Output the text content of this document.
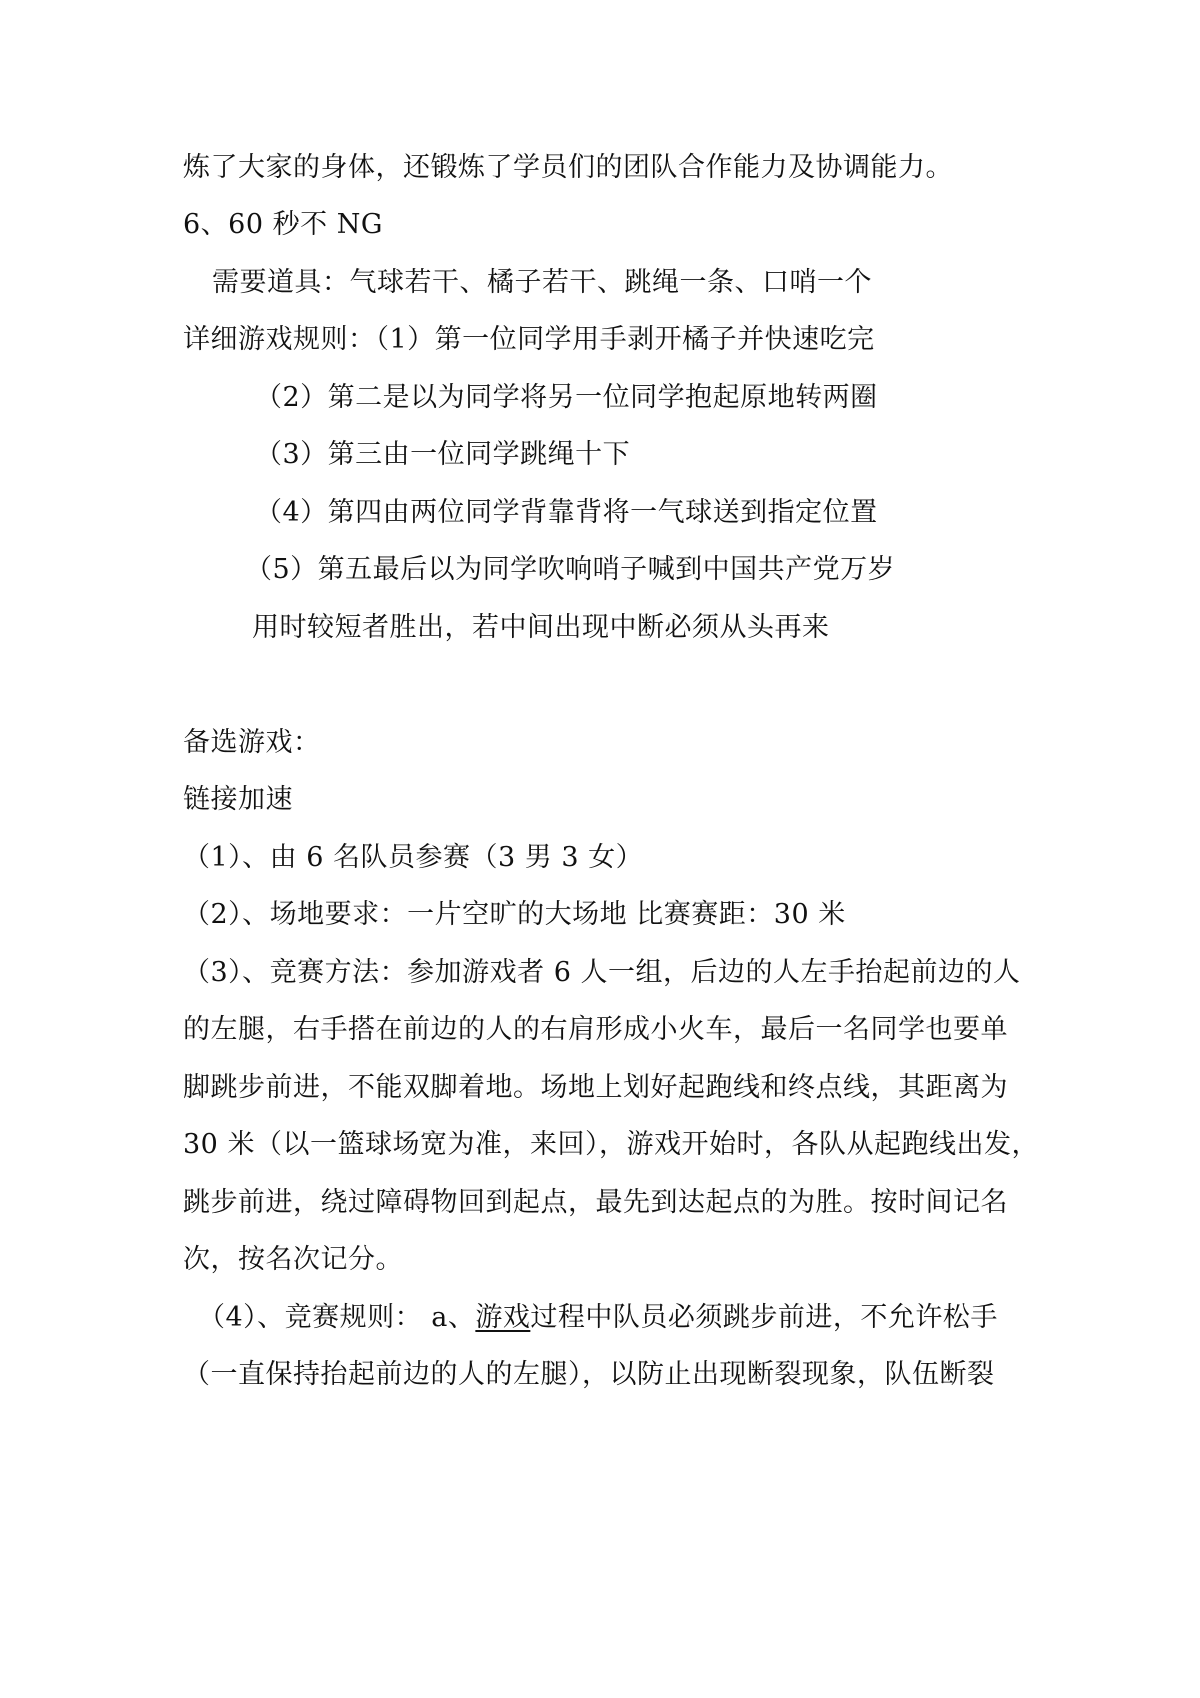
炼了大家的身体，还锻炼了学员们的团队合作能力及协调能力。
6、60 秒不 NG
需要道具：气球若干、橘子若干、跳绳一条、口哨一个
详细游戏规则：（1）第一位同学用手剥开橘子并快速吃完
（2）第二是以为同学将另一位同学抱起原地转两圈
（3）第三由一位同学跳绳十下
（4）第四由两位同学背靠背将一气球送到指定位置
（5）第五最后以为同学吹响哨子喊到中国共产党万岁
用时较短者胜出，若中间出现中断必须从头再来
备选游戏：
链接加速
（1）、由 6 名队员参赛（3 男 3 女）
（2）、场地要求：一片空旷的大场地 比赛赛距：30 米
（3）、竞赛方法：参加游戏者 6 人一组，后边的人左手抬起前边的人
的左腿，右手搭在前边的人的右肩形成小火车，最后一名同学也要单
脚跳步前进，不能双脚着地。场地上划好起跑线和终点线，其距离为
30 米（以一篮球场宽为准，来回），游戏开始时，各队从起跑线出发，
跳步前进，绕过障碍物回到起点，最先到达起点的为胜。按时间记名
次，按名次记分。
（4）、竞赛规则： a、游戏过程中队员必须跳步前进，不允许松手
（一直保持抬起前边的人的左腿），以防止出现断裂现象，队伍断裂
